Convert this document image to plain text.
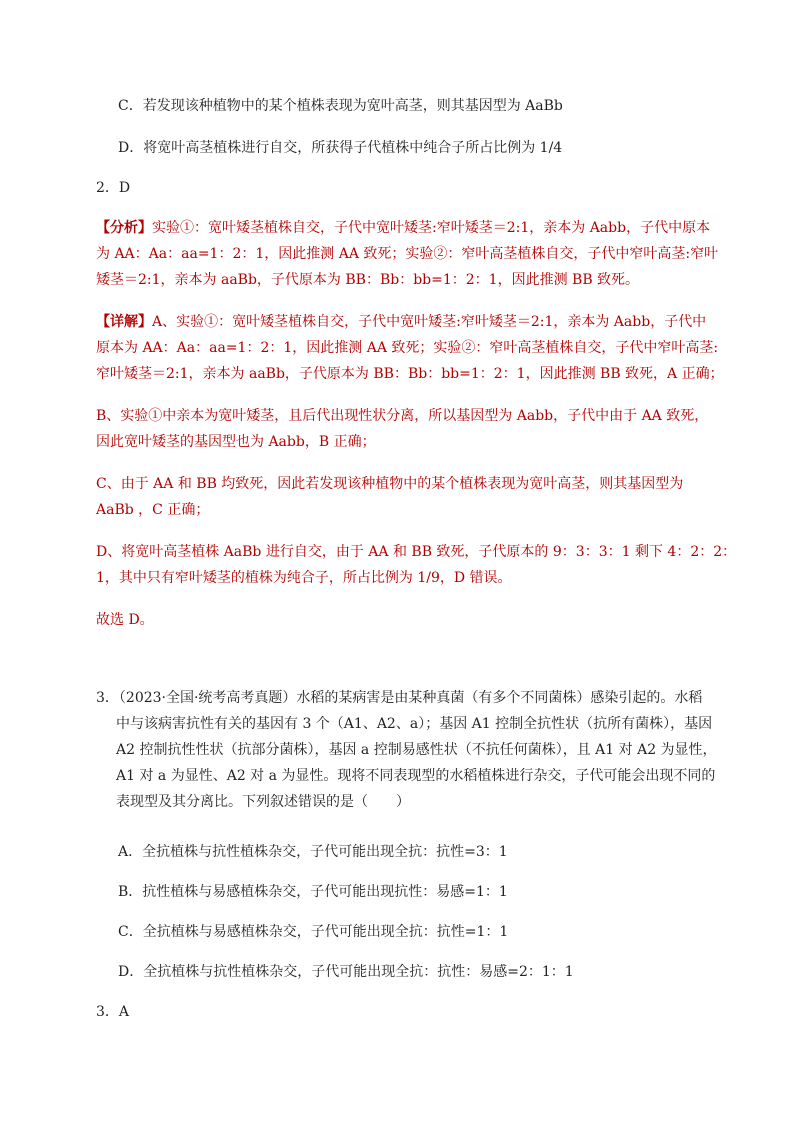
C．若发现该种植物中的某个植株表现为宽叶高茎，则其基因型为 AaBb
D．将宽叶高茎植株进行自交，所获得子代植株中纯合子所占比例为 1/4
2．D
【分析】实验①：宽叶矮茎植株自交，子代中宽叶矮茎:窄叶矮茎＝2:1，亲本为 Aabb，子代中原本
为 AA：Aa：aa=1：2：1，因此推测 AA 致死；实验②：窄叶高茎植株自交，子代中窄叶高茎:窄叶
矮茎＝2:1，亲本为 aaBb，子代原本为 BB：Bb：bb=1：2：1，因此推测 BB 致死。
【详解】A、实验①：宽叶矮茎植株自交，子代中宽叶矮茎:窄叶矮茎＝2:1，亲本为 Aabb，子代中
原本为 AA：Aa：aa=1：2：1，因此推测 AA 致死；实验②：窄叶高茎植株自交，子代中窄叶高茎:
窄叶矮茎＝2:1，亲本为 aaBb，子代原本为 BB：Bb：bb=1：2：1，因此推测 BB 致死，A 正确；
B、实验①中亲本为宽叶矮茎，且后代出现性状分离，所以基因型为 Aabb，子代中由于 AA 致死，
因此宽叶矮茎的基因型也为 Aabb，B 正确；
C、由于 AA 和 BB 均致死，因此若发现该种植物中的某个植株表现为宽叶高茎，则其基因型为
AaBb ，C 正确；
D、将宽叶高茎植株 AaBb 进行自交，由于 AA 和 BB 致死，子代原本的 9：3：3：1 剩下 4：2：2：
1，其中只有窄叶矮茎的植株为纯合子，所占比例为 1/9，D 错误。
故选 D。
3．（2023·全国·统考高考真题）水稻的某病害是由某种真菌（有多个不同菌株）感染引起的。水稻
中与该病害抗性有关的基因有 3 个（A1、A2、a）；基因 A1 控制全抗性状（抗所有菌株），基因
A2 控制抗性性状（抗部分菌株），基因 a 控制易感性状（不抗任何菌株），且 A1 对 A2 为显性，
A1 对 a 为显性、A2 对 a 为显性。现将不同表现型的水稻植株进行杂交，子代可能会出现不同的
表现型及其分离比。下列叙述错误的是（　　）
A．全抗植株与抗性植株杂交，子代可能出现全抗：抗性=3：1
B．抗性植株与易感植株杂交，子代可能出现抗性：易感=1：1
C．全抗植株与易感植株杂交，子代可能出现全抗：抗性=1：1
D．全抗植株与抗性植株杂交，子代可能出现全抗：抗性：易感=2：1：1
3．A
